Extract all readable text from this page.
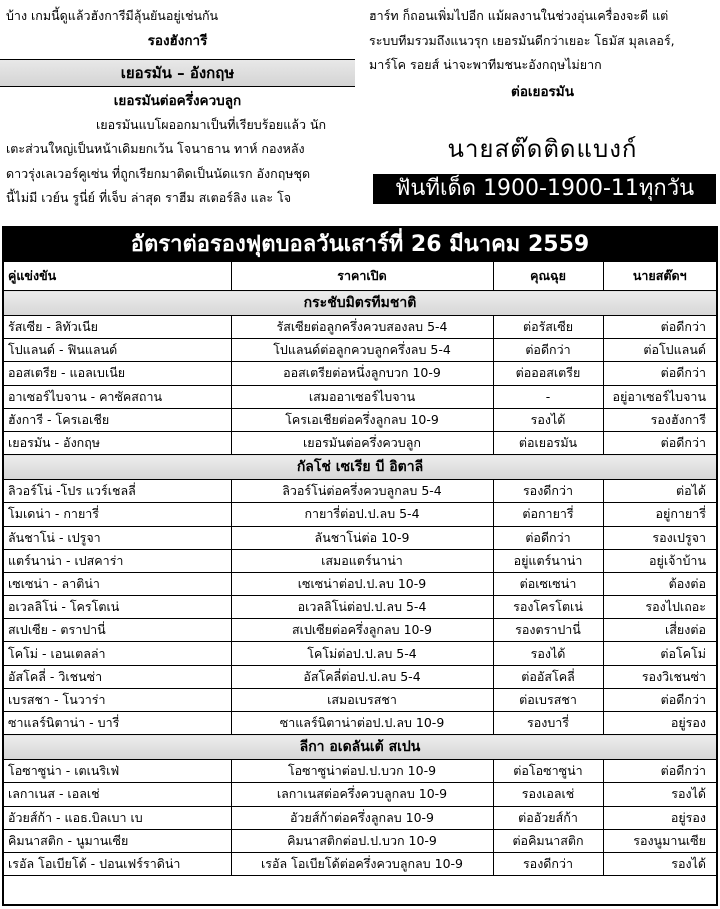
บ้าง เกมนี้ดูแล้วฮังการีมีลุ้นยันอยู่เช่นกัน

รองฮังการี
เยอรมัน – อังกฤษ
เยอรมันต่อครึ่งควบลูก

เยอรมันแบโผออกมาเป็นที่เรียบร้อยแล้ว นัก

เตะส่วนใหญ่เป็นหน้าเดิมยกเว้น โจนาธาน ทาห์ กองหลัง

ดาวรุ่งเลเวอร์คูเซ่น ที่ถูกเรียกมาติดเป็นนัดแรก อังกฤษชุด

นี้ไม่มี เวย์น รูนี่ย์ ที่เจ็บ ล่าสุด ราฮีม สเตอร์ลิง และ โจ

ฮาร์ท ก็ถอนเพิ่มไปอีก แม้ผลงานในช่วงอุ่นเครื่องจะดี แต่

ระบบทีมรวมถึงแนวรุก เยอรมันดีกว่าเยอะ โธมัส มุลเลอร์,

มาร์โค รอยส์ น่าจะพาทีมชนะอังกฤษไม่ยาก

ต่อเยอรมัน
นายสต๊ดติดแบงก์
ฟันทีเด็ด 1900-1900-11ทุกวัน
อัตราต่อรองฟุตบอลวันเสาร์ที่ 26 มีนาคม 2559
คู่แข่งขัน	ราคาเปิด	คุณฉุย	นายสต๊ดฯ
กระชับมิตรทีมชาติ			
รัสเซีย - ลิทัวเนีย	รัสเซียต่อลูกครึ่งควบสองลบ 5-4	ต่อรัสเซีย	ต่อดีกว่า
โปแลนด์ - ฟินแลนด์	โปแลนด์ต่อลูกควบลูกครึ่งลบ 5-4	ต่อดีกว่า	ต่อโปแลนด์
ออสเตรีย - แอลเบเนีย	ออสเตรียต่อหนึ่งลูกบวก 10-9	ต่อออสเตรีย	ต่อดีกว่า
อาเซอร์ไบจาน - คาซัคสถาน	เสมออาเซอร์ไบจาน	-	อยู่อาเซอร์ไบจาน
ฮังการี - โครเอเชีย	โครเอเชียต่อครึ่งลูกลบ 10-9	รองได้	รองฮังการี
เยอรมัน - อังกฤษ	เยอรมันต่อครึ่งควบลูก	ต่อเยอรมัน	ต่อดีกว่า
กัลโช่ เซเรีย บี อิตาลี			
ลิวอร์โน่ -โปร แวร์เชลลี่	ลิวอร์โน่ต่อครึ่งควบลูกลบ 5-4	รองดีกว่า	ต่อได้
โมเดน่า - กายารี่	กายารี่ต่อป.ป.ลบ 5-4	ต่อกายารี่	อยู่กายารี่
ลันชาโน่ - เปรูจา	ลันชาโน่ต่อ 10-9	ต่อดีกว่า	รองเปรูจา
แตร์นาน่า - เปสคาร่า	เสมอแตร์นาน่า	อยู่แตร์นาน่า	อยู่เจ้าบ้าน
เซเซน่า - ลาติน่า	เซเซน่าต่อป.ป.ลบ 10-9	ต่อเซเซน่า	ต้องต่อ
อเวลลิโน่ - โครโตเน่	อเวลลิโน่ต่อป.ป.ลบ 5-4	รองโครโตเน่	รองไปเถอะ
สเปเซีย - ตราปานี่	สเปเซียต่อครึ่งลูกลบ 10-9	รองตราปานี่	เสี่ยงต่อ
โคโม่ - เอนเตลล่า	โคโม่ต่อป.ป.ลบ 5-4	รองได้	ต่อโคโม่
อัสโคลี่ - วิเชนซ่า	อัสโคลี่ต่อป.ป.ลบ 5-4	ต่ออัสโคลี่	รองวิเชนซ่า
เบรสชา - โนวาร่า	เสมอเบรสชา	ต่อเบรสชา	ต่อดีกว่า
ซาแลร์นิตาน่า - บารี่	ซาแลร์นิตาน่าต่อป.ป.ลบ 10-9	รองบารี่	อยู่รอง
ลีกา อเดลันเต้ สเปน			
โอซาซูน่า - เตเนริเฟ่	โอซาซูน่าต่อป.ป.บวก 10-9	ต่อโอซาซูน่า	ต่อดีกว่า
เลกาเนส - เอลเช่	เลกาเนสต่อครึ่งควบลูกลบ 10-9	รองเอลเช่	รองได้
อัวยส์ก้า - แอธ.บิลเบา เบ	อัวยส์ก้าต่อครึ่งลูกลบ 10-9	ต่ออัวยส์ก้า	อยู่รอง
คิมนาสติก - นูมานเซีย	คิมนาสติกต่อป.ป.บวก 10-9	ต่อคิมนาสติก	รองนูมานเซีย
เรอัล โอเบียโด้ - ปอนเฟร์ราดิน่า	เรอัล โอเบียโด้ต่อครึ่งควบลูกลบ 10-9	รองดีกว่า	รองได้
